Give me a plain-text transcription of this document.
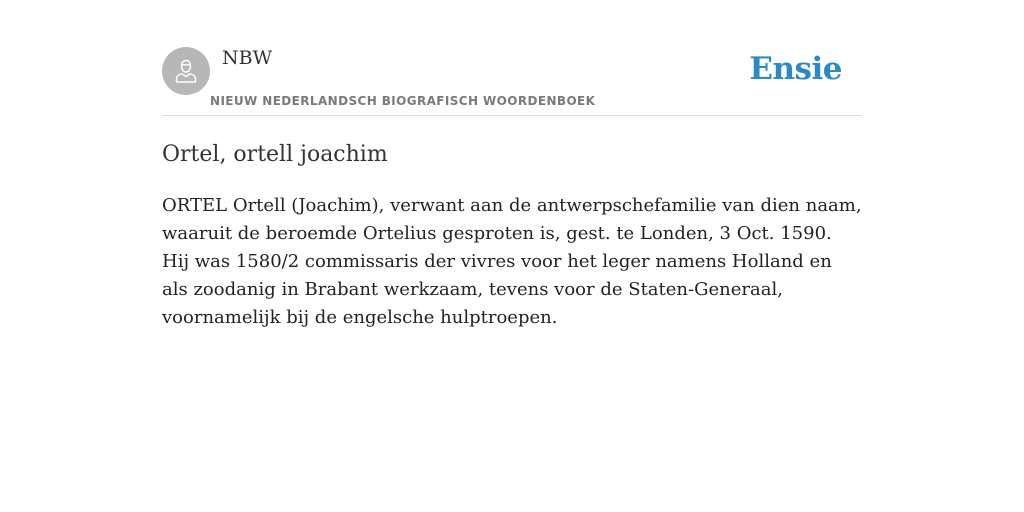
NBW
NIEUW NEDERLANDSCH BIOGRAFISCH WOORDENBOEK
Ensie
Ortel, ortell joachim

ORTEL Ortell (Joachim), verwant aan de antwerpschefamilie van dien naam, waaruit de beroemde Ortelius gesproten is, gest. te Londen, 3 Oct. 1590. Hij was 1580/2 commissaris der vivres voor het leger namens Holland en als zoodanig in Brabant werkzaam, tevens voor de Staten-Generaal, voornamelijk bij de engelsche hulptroepen.
